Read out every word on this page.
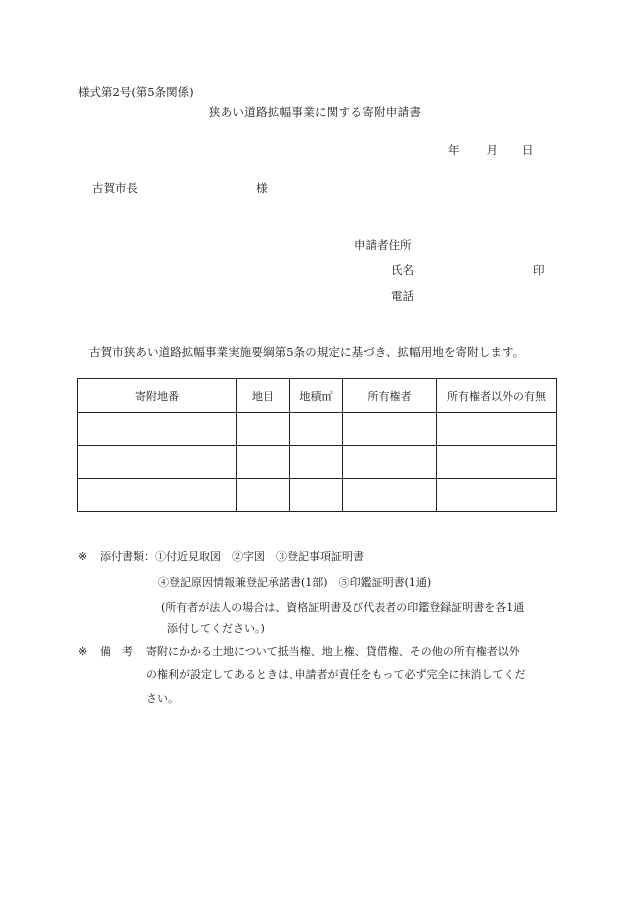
様式第2号(第5条関係)
狭あい道路拡幅事業に関する寄附申請書
年 月 日
古賀市長	様
申請者住所
氏名	印
電話
古賀市狭あい道路拡幅事業実施要綱第5条の規定に基づき、拡幅用地を寄附します。
寄附地番	地目	地積㎡	所有権者	所有権者以外の有無

※ 添付書類：①付近見取図　②字図　③登記事項証明書
④登記原因情報兼登記承諾書(1部)　⑤印鑑証明書(1通)
(所有者が法人の場合は、資格証明書及び代表者の印鑑登録証明書を各1通
添付してください。)
※ 備　考 寄附にかかる土地について抵当権、地上権、貸借権、その他の所有権者以外
の権利が設定してあるときは､申請者が責任をもって必ず完全に抹消してくだ
さい。
